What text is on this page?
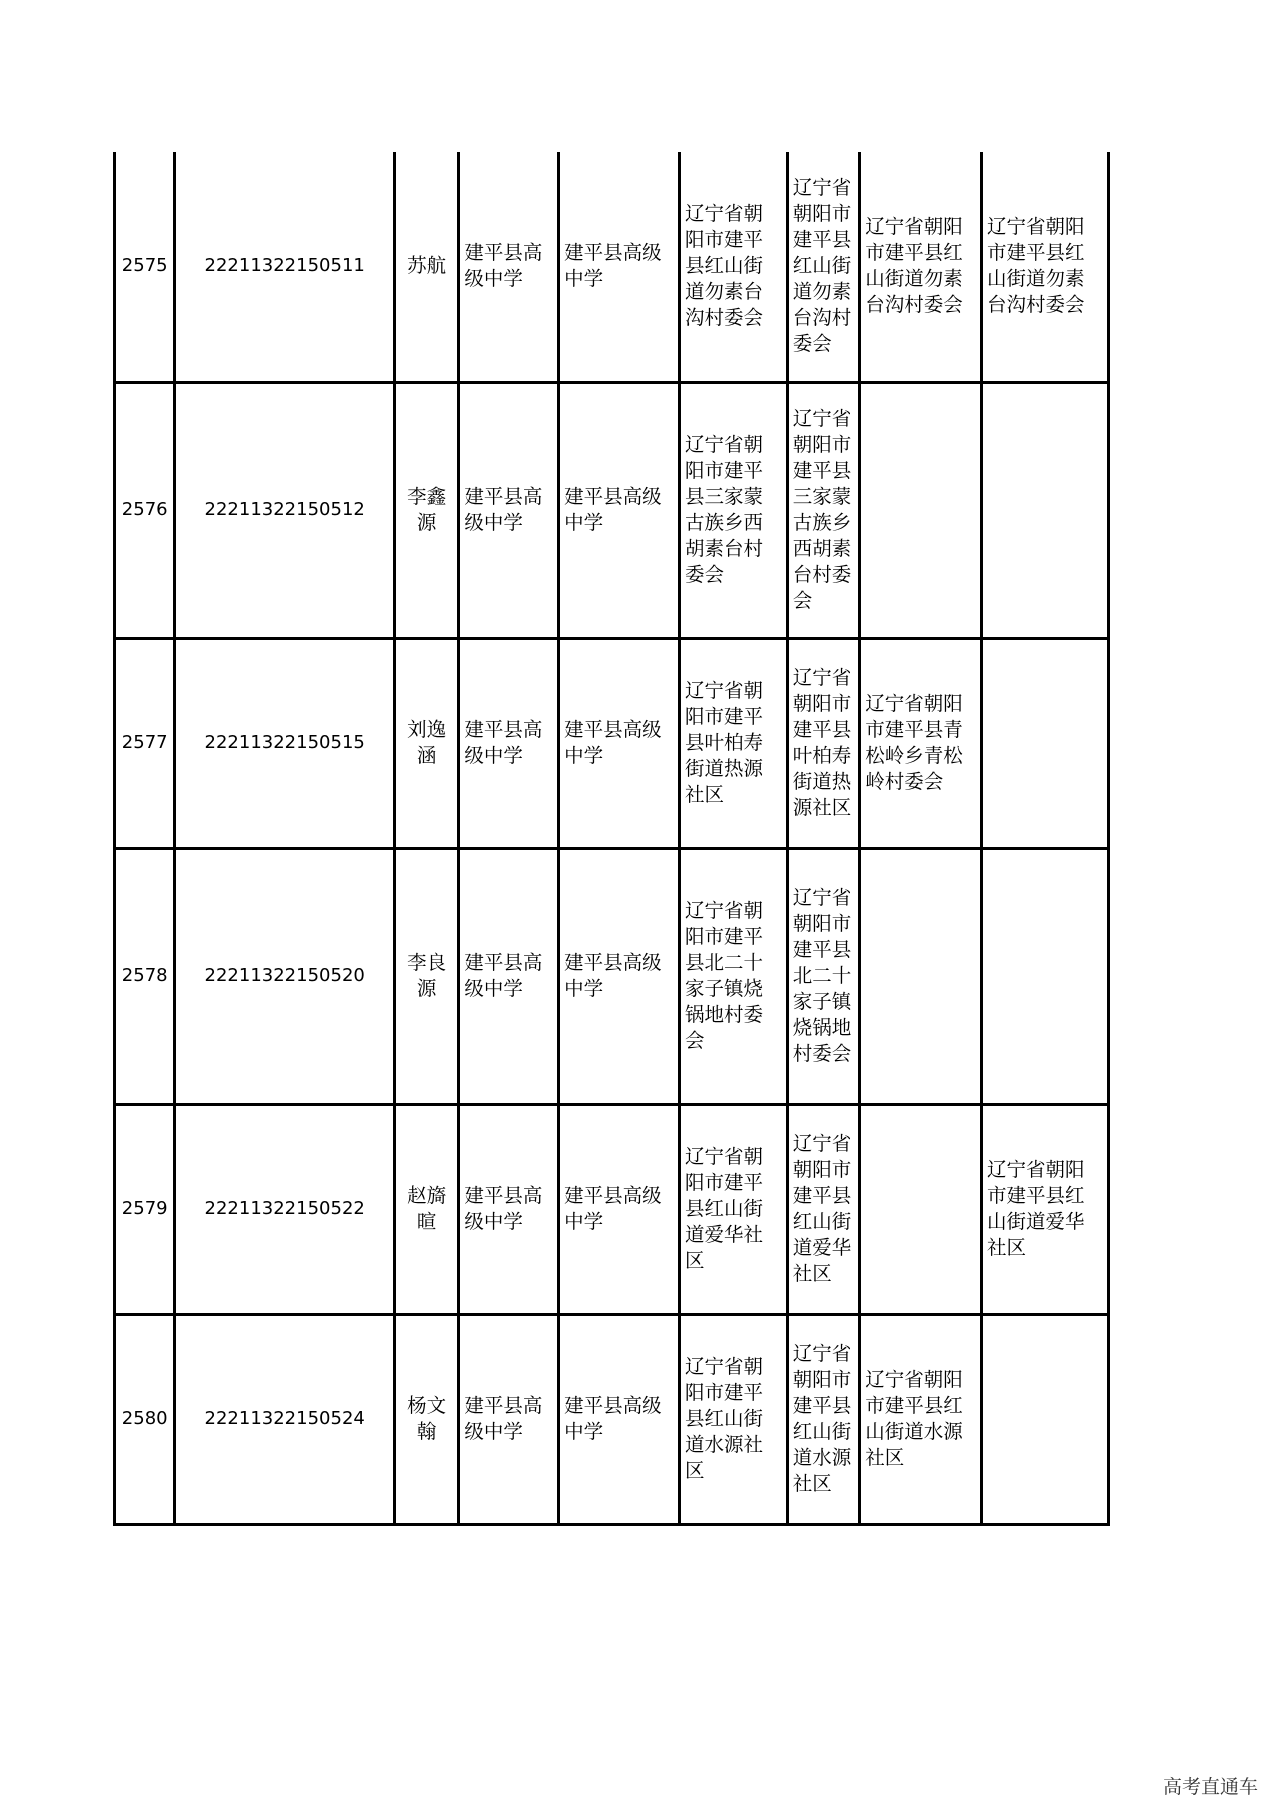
2575	22211322150511	苏航	建平县高级中学	建平县高级中学	辽宁省朝阳市建平县红山街道勿素台沟村委会	辽宁省朝阳市建平县红山街道勿素台沟村委会	辽宁省朝阳市建平县红山街道勿素台沟村委会	辽宁省朝阳市建平县红山街道勿素台沟村委会
2576	22211322150512	李鑫源	建平县高级中学	建平县高级中学	辽宁省朝阳市建平县三家蒙古族乡西胡素台村委会	辽宁省朝阳市建平县三家蒙古族乡西胡素台村委会		
2577	22211322150515	刘逸涵	建平县高级中学	建平县高级中学	辽宁省朝阳市建平县叶柏寿街道热源社区	辽宁省朝阳市建平县叶柏寿街道热源社区	辽宁省朝阳市建平县青松岭乡青松岭村委会	
2578	22211322150520	李良源	建平县高级中学	建平县高级中学	辽宁省朝阳市建平县北二十家子镇烧锅地村委会	辽宁省朝阳市建平县北二十家子镇烧锅地村委会		
2579	22211322150522	赵旖暄	建平县高级中学	建平县高级中学	辽宁省朝阳市建平县红山街道爱华社区	辽宁省朝阳市建平县红山街道爱华社区		辽宁省朝阳市建平县红山街道爱华社区
2580	22211322150524	杨文翰	建平县高级中学	建平县高级中学	辽宁省朝阳市建平县红山街道水源社区	辽宁省朝阳市建平县红山街道水源社区	辽宁省朝阳市建平县红山街道水源社区	
高考直通车
